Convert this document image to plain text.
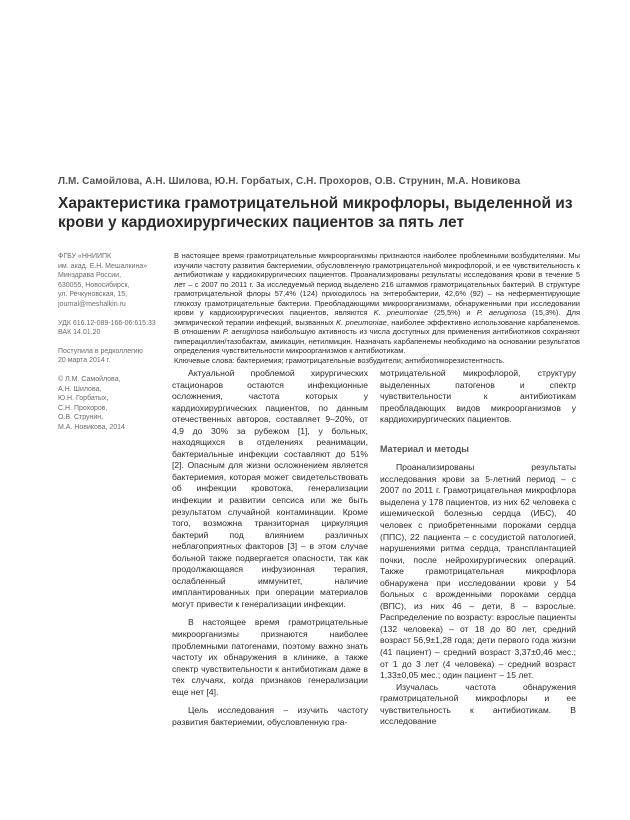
Л.М. Самойлова, А.Н. Шилова, Ю.Н. Горбатых, С.Н. Прохоров, О.В. Струнин, М.А. Новикова
Характеристика грамотрицательной микрофлоры, выделенной из крови у кардиохирургических пациентов за пять лет
ФГБУ «ННИИПК
им. акад. Е.Н. Мешалкина»
Минздрава России,
630055, Новосибирск,
ул. Речкуновская, 15,
journal@meshalkin.ru
УДК 616.12-089-166-06:615:33
ВАК 14.01.20
Поступила в редколлегию
20 марта 2014 г.
© Л.М. Самойлова,
А.Н. Шилова,
Ю.Н. Горбатых,
С.Н. Прохоров,
О.В. Струнин,
М.А. Новикова, 2014
В настоящее время грамотрицательные микроорганизмы признаются наиболее проблемными возбудителями. Мы изучили частоту развития бактериемии, обусловленную грамотрицательной микрофлорой, и ее чувствительность к антибиотикам у кардиохирургических пациентов. Проанализированы результаты исследования крови в течение 5 лет – с 2007 по 2011 г. За исследуемый период выделено 216 штаммов грамотрицательных бактерий. В структуре грамотрицательной флоры 57,4% (124) приходилось на энтеробактерии, 42,6% (92) – на неферментирующие глюкозу грамотрицательные бактерии. Преобладающими микроорганизмами, обнаруженными при исследовании крови у кардиохирургических пациентов, являются K. pneumoniae (25,5%) и P. aeruginosa (15,3%). Для эмпирической терапии инфекций, вызванных K. pneumoniae, наиболее эффективно использование карбапенемов. В отношении P. aeruginosa наибольшую активность из числа доступных для применения антибиотиков сохраняют пиперациллин/тазобактам, амикацин, нетилмицин. Назначать карбапенемы необходимо на основании результатов определения чувствительности микроорганизмов к антибиотикам.
Ключевые слова: бактериемия; грамотрицательные возбудители; антибиотикорезистентность.

Актуальной проблемой хирургических стационаров остаются инфекционные осложнения, частота которых у кардиохирургических пациентов, по данным отечественных авторов, составляет 9–20%, от 4,9 до 30% за рубежом [1], у больных, находящихся в отделениях реанимации, бактериальные инфекции составляют до 51% [2]. Опасным для жизни осложнением является бактериемия, которая может свидетельствовать об инфекции кровотока, генерализации инфекции и развитии сепсиса или же быть результатом случайной контаминации. Кроме того, возможна транзиторная циркуляция бактерий под влиянием различных неблагоприятных факторов [3] – в этом случае больной также подвергается опасности, так как продолжающаяся инфузионная терапия, ослабленный иммунитет, наличие имплантированных при операции материалов могут привести к генерализации инфекции.

В настоящее время грамотрицательные микроорганизмы признаются наиболее проблемными патогенами, поэтому важно знать частоту их обнаружения в клинике, а также спектр чувствительности к антибиотикам даже в тех случаях, когда признаков генерализации еще нет [4].

Цель исследования – изучить частоту развития бактериемии, обусловленную гра-

мотрицательной микрофлорой, структуру выделенных патогенов и спектр чувствительности к антибиотикам преобладающих видов микроорганизмов у кардиохирургических пациентов.

Материал и методы

Проанализированы результаты исследования крови за 5-летний период – с 2007 по 2011 г. Грамотрицательная микрофлора выделена у 178 пациентов, из них 62 человека с ишемической болезнью сердца (ИБС), 40 человек с приобретенными пороками сердца (ППС), 22 пациента – с сосудистой патологией, нарушениями ритма сердца, трансплантацией почки, после нейрохирургических операций. Также грамотрицательная микрофлора обнаружена при исследовании крови у 54 больных с врожденными пороками сердца (ВПС), из них 46 – дети, 8 – взрослые. Распределение по возрасту: взрослые пациенты (132 человека) – от 18 до 80 лет, средний возраст 56,9±1,28 года; дети первого года жизни (41 пациент) – средний возраст 3,37±0,46 мес.; от 1 до 3 лет (4 человека) – средний возраст 1,33±0,05 мес.; один пациент – 15 лет.

Изучалась частота обнаружения грамотрицательной микрофлоры и ее чувствительность к антибиотикам. В исследование
